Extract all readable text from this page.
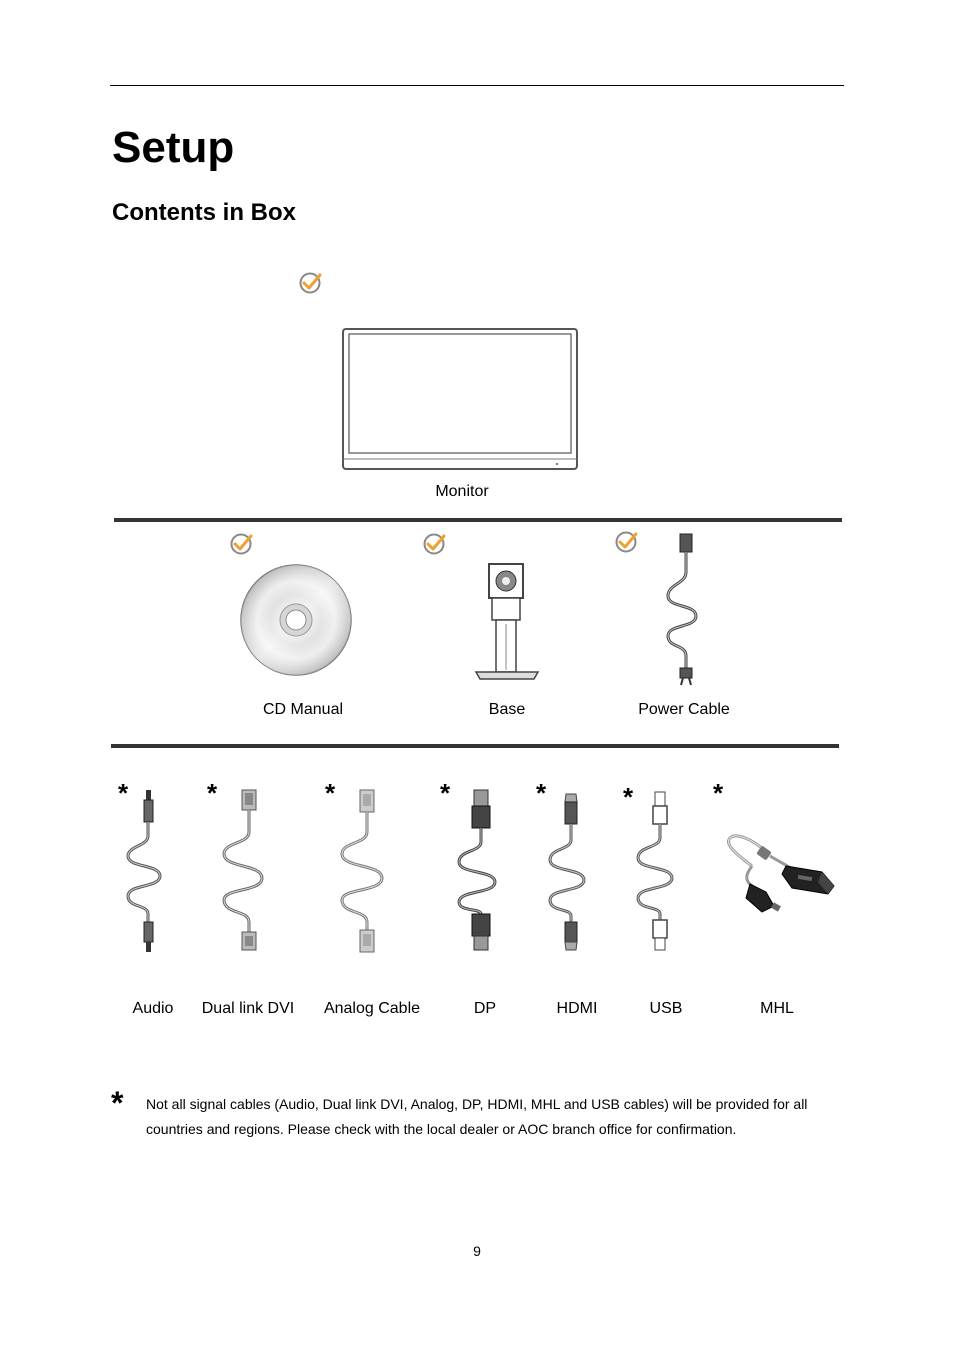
Setup
Contents in Box
Monitor
CD Manual	Base	Power Cable
*	*	*	*	*	*	*
Audio	Dual link DVI	Analog Cable	DP	HDMI	USB	MHL
* Not all signal cables (Audio, Dual link DVI, Analog, DP, HDMI, MHL and USB cables) will be provided for all countries and regions. Please check with the local dealer or AOC branch office for confirmation.
9
